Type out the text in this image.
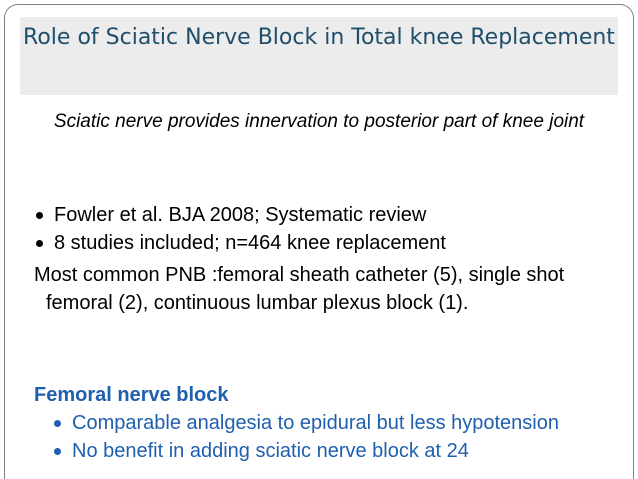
Role of Sciatic Nerve Block in Total knee Replacement
Sciatic nerve provides innervation to posterior part of knee joint
Fowler et al. BJA 2008; Systematic review
8 studies included; n=464 knee replacement
Most common PNB :femoral sheath catheter (5), single shot femoral (2), continuous lumbar plexus block (1).
Femoral nerve block
Comparable analgesia to epidural but less hypotension
No benefit in adding sciatic nerve block at 24
